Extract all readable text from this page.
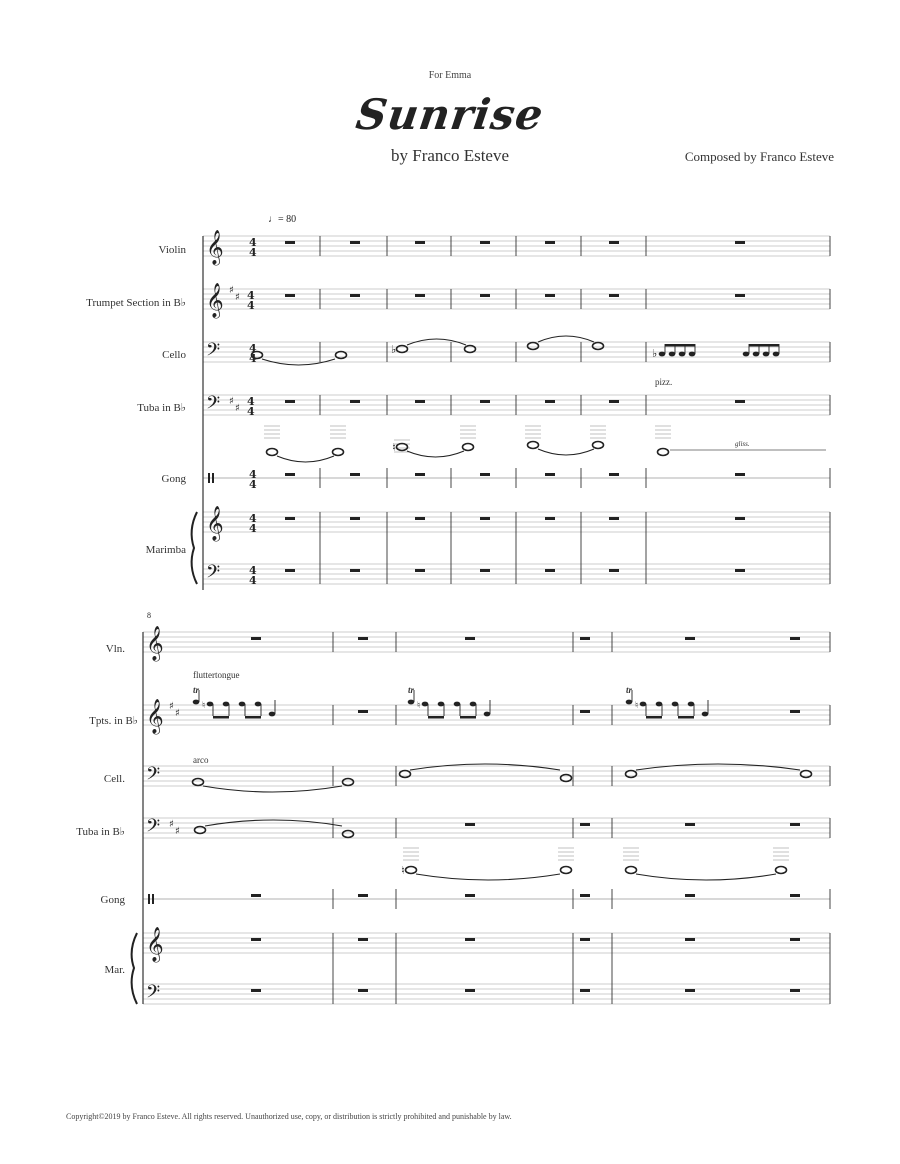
For Emma
Sunrise
by Franco Esteve	Composed by Franco Esteve
♩= 80
Violin
Trumpet Section in B♭
Cello
Tuba in B♭
Gong
Marimba
pizz.
gliss.
8
Vln.
Tpts. in B♭
Cell.
Tuba in B♭
Gong
Mar.
fluttertongue
tr	tr	tr
arco
𝄞 4
4
𝄞 ♯
♯ 4
4
𝄢	4
4
𝄢 ♯
♯
4
4
4
4
𝄞 4
4
𝄢	4
4
♭	♭
♮
𝄞
𝄞 ♯
♯
𝄢
𝄢 ♯
♯
𝄞
𝄢
♮	♮	♮
♮
Copyright©2019 by Franco Esteve. All rights reserved. Unauthorized use, copy, or distribution is strictly prohibited and punishable by law.
